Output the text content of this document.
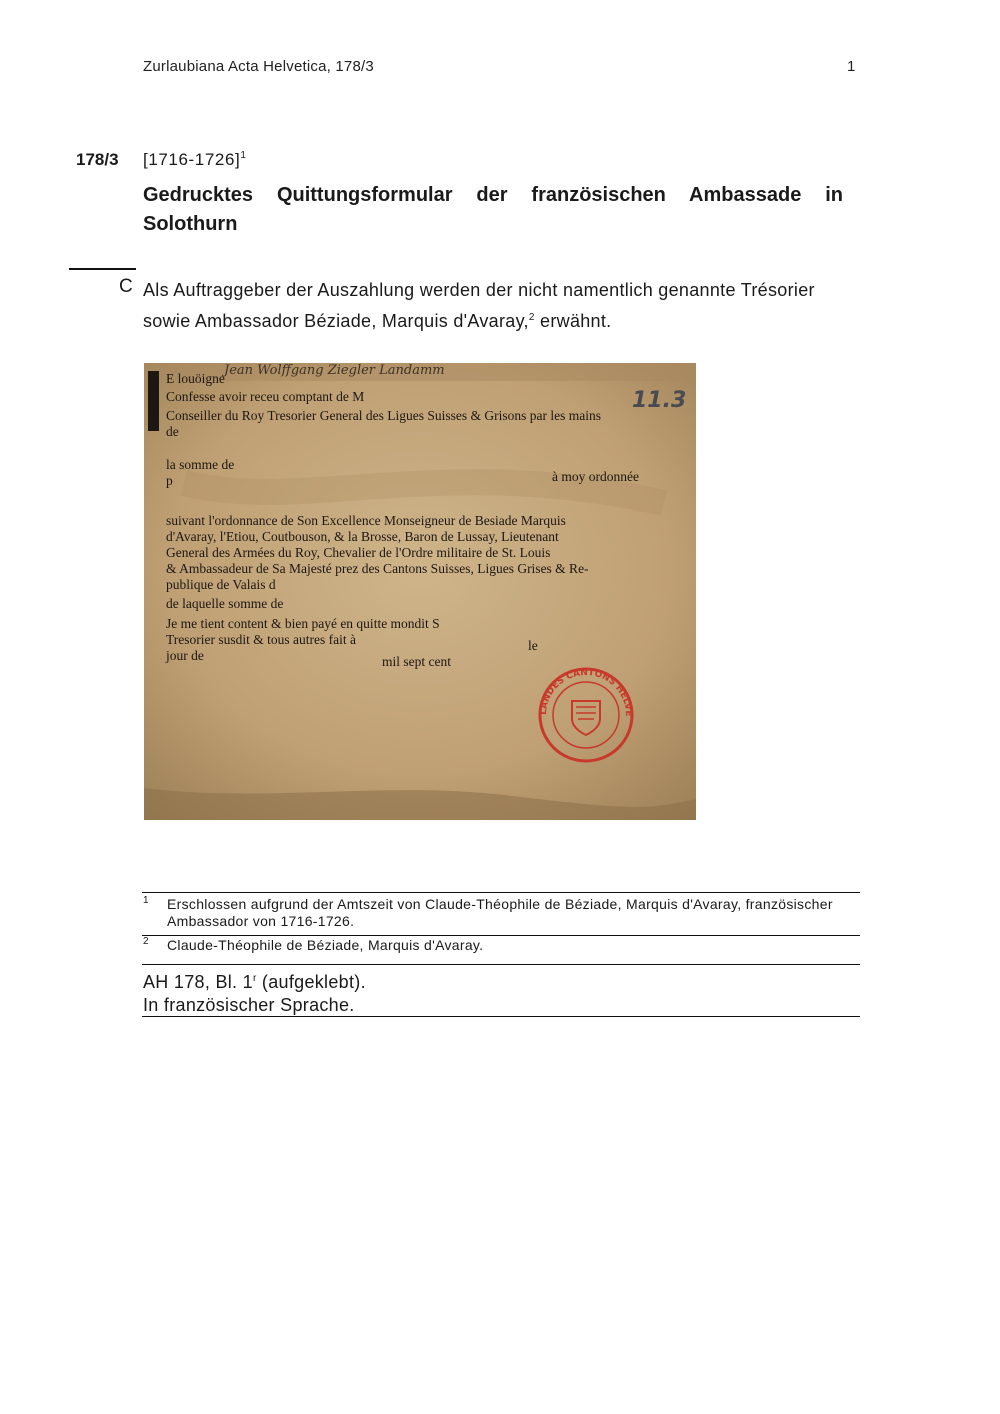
Zurlaubiana Acta Helvetica, 178/3	1
178/3 [1716-1726]$^1$
Gedrucktes Quittungsformular der französischen Ambassade in Solothurn
C Als Auftraggeber der Auszahlung werden der nicht namentlich genannte Trésorier sowie Ambassador Béziade, Marquis d'Avaray,$^2$ erwähnt.
Jean Wolffgang Ziegler Landamm
11.3
E louöigne
Confesse avoir receu comptant de M
Conseiller du Roy Tresorier General des Ligues Suisses & Grisons par les mains
de
la somme de
à moy ordonnée
p
suivant l'ordonnance de Son Excellence Monseigneur de Besiade Marquis
d'Avaray, l'Etiou, Coutbouson, & la Brosse, Baron de Lussay, Lieutenant
General des Armées du Roy, Chevalier de l'Ordre militaire de St. Louis
& Ambassadeur de Sa Majesté prez des Cantons Suisses, Ligues Grises & Re-
publique de Valais d
de laquelle somme de
Je me tient content & bien payé en quitte mondit S
Tresorier susdit & tous autres fait à	le
jour de	mil sept cent
LANDES CANTONS HELVE
1 Erschlossen aufgrund der Amtszeit von Claude-Théophile de Béziade, Marquis d'Avaray, französischer Ambassador von 1716-1726.
2 Claude-Théophile de Béziade, Marquis d'Avaray.
AH 178, Bl. 1$^r$ (aufgeklebt).
In französischer Sprache.
